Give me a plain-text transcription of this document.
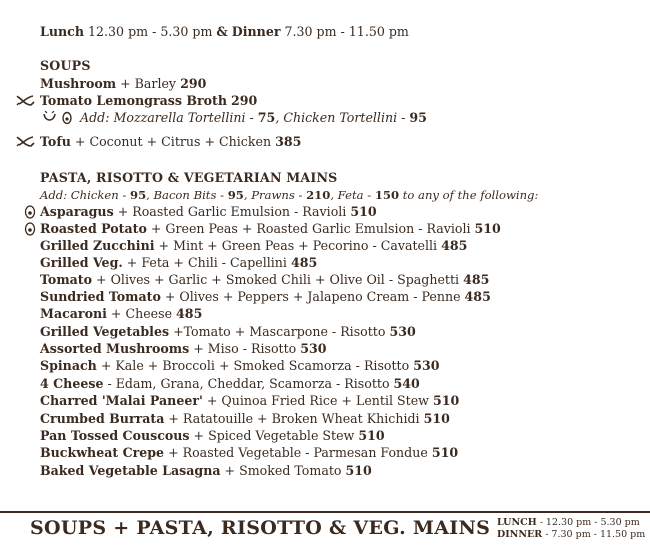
Lunch 12.30 pm - 5.30 pm & Dinner 7.30 pm - 11.50 pm
SOUPS
Mushroom + Barley 290
Tomato Lemongrass Broth 290
Add: Mozzarella Tortellini - 75, Chicken Tortellini - 95
Tofu + Coconut + Citrus + Chicken 385
PASTA, RISOTTO & VEGETARIAN MAINS
Add: Chicken - 95, Bacon Bits - 95, Prawns - 210, Feta - 150 to any of the following:
Asparagus + Roasted Garlic Emulsion - Ravioli 510
Roasted Potato + Green Peas + Roasted Garlic Emulsion - Ravioli 510
Grilled Zucchini + Mint + Green Peas + Pecorino - Cavatelli 485
Grilled Veg. + Feta + Chili - Capellini 485
Tomato + Olives + Garlic + Smoked Chili + Olive Oil - Spaghetti 485
Sundried Tomato + Olives + Peppers + Jalapeno Cream - Penne 485
Macaroni + Cheese 485
Grilled Vegetables +Tomato + Mascarpone - Risotto 530
Assorted Mushrooms + Miso - Risotto 530
Spinach + Kale + Broccoli + Smoked Scamorza - Risotto 530
4 Cheese - Edam, Grana, Cheddar, Scamorza - Risotto 540
Charred 'Malai Paneer' + Quinoa Fried Rice + Lentil Stew 510
Crumbed Burrata + Ratatouille + Broken Wheat Khichidi 510
Pan Tossed Couscous + Spiced Vegetable Stew 510
Buckwheat Crepe + Roasted Vegetable - Parmesan Fondue 510
Baked Vegetable Lasagna + Smoked Tomato 510
SOUPS + PASTA, RISOTTO & VEG. MAINS LUNCH - 12.30 pm - 5.30 pm
DINNER - 7.30 pm - 11.50 pm
